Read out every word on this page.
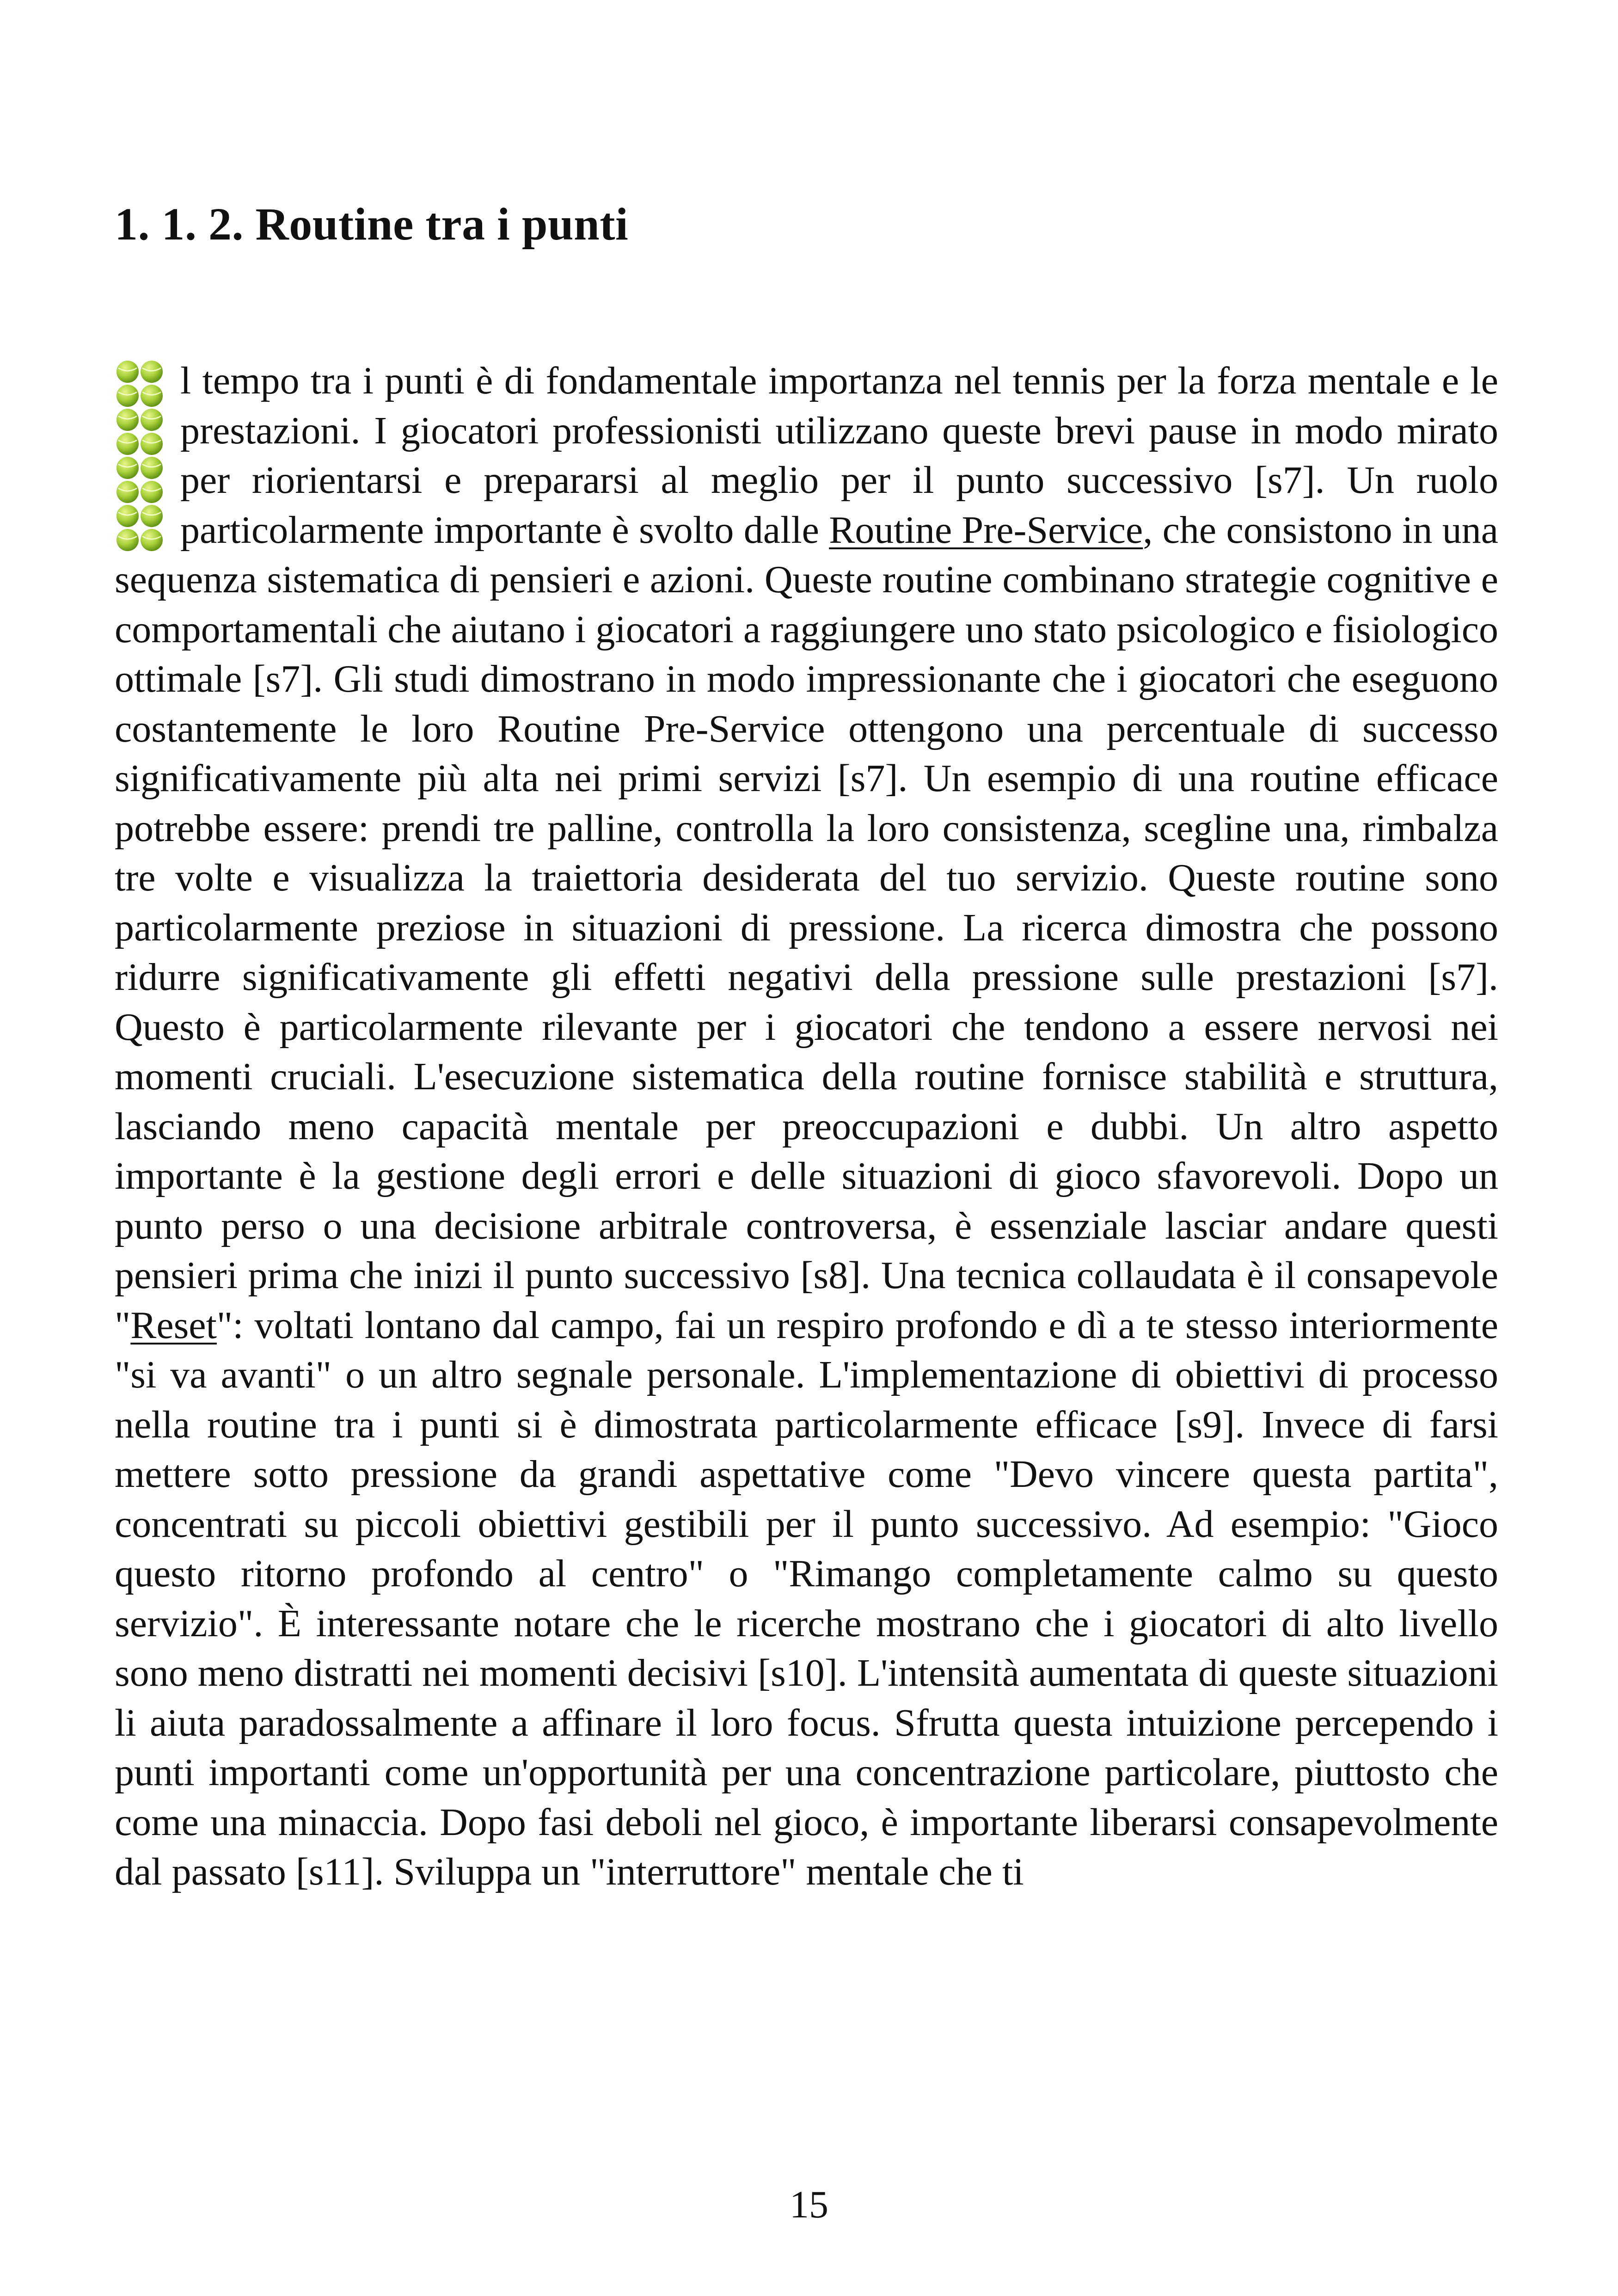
1. 1. 2. Routine tra i punti

l tempo tra i punti è di fondamentale importanza nel tennis per la forza mentale e le prestazioni. I giocatori professionisti utilizzano queste brevi pause in modo mirato per riorientarsi e prepararsi al meglio per il punto successivo [s7]. Un ruolo particolarmente importante è svolto dalle Routine Pre-Service, che consistono in una sequenza sistematica di pensieri e azioni. Queste routine combinano strategie cognitive e comportamentali che aiutano i giocatori a raggiungere uno stato psicologico e fisiologico ottimale [s7]. Gli studi dimostrano in modo impressionante che i giocatori che eseguono costantemente le loro Routine Pre-Service ottengono una percentuale di successo significativamente più alta nei primi servizi [s7]. Un esempio di una routine efficace potrebbe essere: prendi tre palline, controlla la loro consistenza, scegline una, rimbalza tre volte e visualizza la traiettoria desiderata del tuo servizio. Queste routine sono particolarmente preziose in situazioni di pressione. La ricerca dimostra che possono ridurre significativamente gli effetti negativi della pressione sulle prestazioni [s7]. Questo è particolarmente rilevante per i giocatori che tendono a essere nervosi nei momenti cruciali. L'esecuzione sistematica della routine fornisce stabilità e struttura, lasciando meno capacità mentale per preoccupazioni e dubbi. Un altro aspetto importante è la gestione degli errori e delle situazioni di gioco sfavorevoli. Dopo un punto perso o una decisione arbitrale controversa, è essenziale lasciar andare questi pensieri prima che inizi il punto successivo [s8]. Una tecnica collaudata è il consapevole "Reset": voltati lontano dal campo, fai un respiro profondo e dì a te stesso interiormente "si va avanti" o un altro segnale personale. L'implementazione di obiettivi di processo nella routine tra i punti si è dimostrata particolarmente efficace [s9]. Invece di farsi mettere sotto pressione da grandi aspettative come "Devo vincere questa partita", concentrati su piccoli obiettivi gestibili per il punto successivo. Ad esempio: "Gioco questo ritorno profondo al centro" o "Rimango completamente calmo su questo servizio". È interessante notare che le ricerche mostrano che i giocatori di alto livello sono meno distratti nei momenti decisivi [s10]. L'intensità aumentata di queste situazioni li aiuta paradossalmente a affinare il loro focus. Sfrutta questa intuizione percependo i punti importanti come un'opportunità per una concentrazione particolare, piuttosto che come una minaccia. Dopo fasi deboli nel gioco, è importante liberarsi consapevolmente dal passato [s11]. Sviluppa un "interruttore" mentale che ti

15
